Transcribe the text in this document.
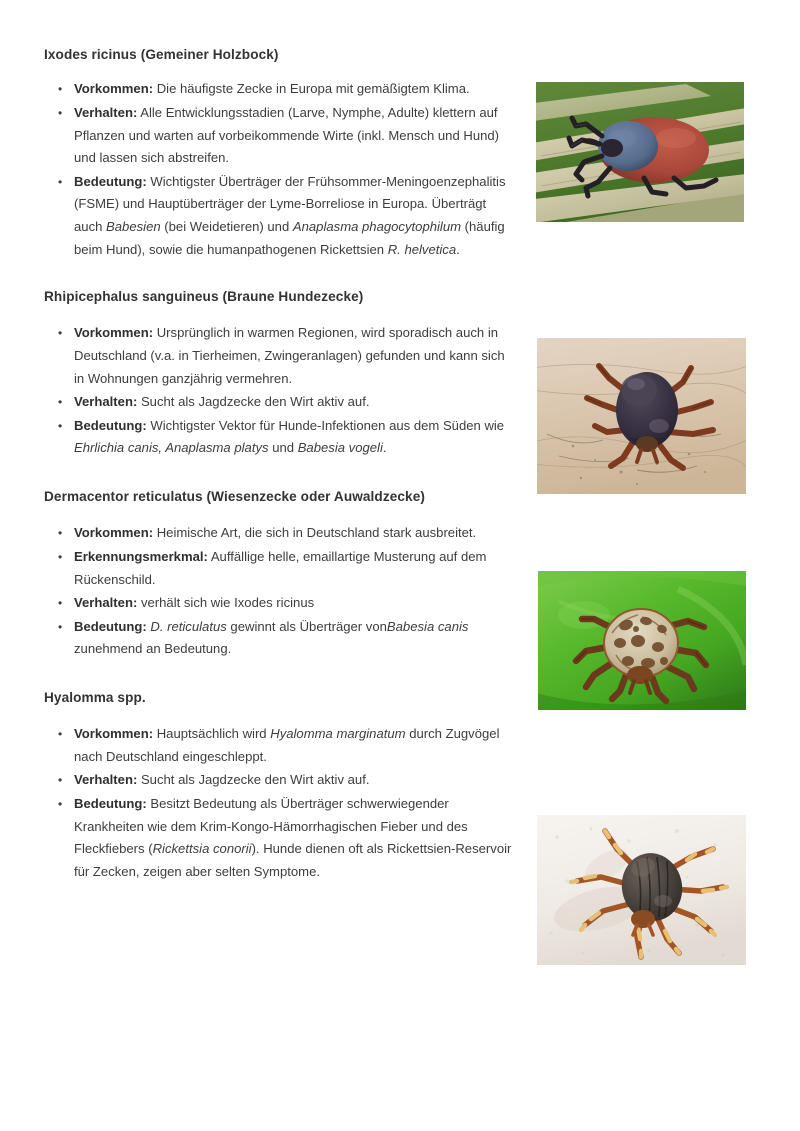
Ixodes ricinus (Gemeiner Holzbock)
• Vorkommen: Die häufigste Zecke in Europa mit gemäßigtem Klima.
• Verhalten: Alle Entwicklungsstadien (Larve, Nymphe, Adulte) klettern auf Pflanzen und warten auf vorbeikommende Wirte (inkl. Mensch und Hund) und lassen sich abstreifen.
• Bedeutung: Wichtigster Überträger der Frühsommer-Meningoenzephalitis (FSME) und Hauptüberträger der Lyme-Borreliose in Europa. Überträgt auch Babesien (bei Weidetieren) und Anaplasma phagocytophilum (häufig beim Hund), sowie die humanpathogenen Rickettsien R. helvetica.
Rhipicephalus sanguineus (Braune Hundezecke)
• Vorkommen: Ursprünglich in warmen Regionen, wird sporadisch auch in Deutschland (v.a. in Tierheimen, Zwingeranlagen) gefunden und kann sich in Wohnungen ganzjährig vermehren.
• Verhalten: Sucht als Jagdzecke den Wirt aktiv auf.
• Bedeutung: Wichtigster Vektor für Hunde-Infektionen aus dem Süden wie Ehrlichia canis, Anaplasma platys und Babesia vogeli.
Dermacentor reticulatus (Wiesenzecke oder Auwaldzecke)
• Vorkommen: Heimische Art, die sich in Deutschland stark ausbreitet.
• Erkennungsmerkmal: Auffällige helle, emaillartige Musterung auf dem Rückenschild.
• Verhalten: verhält sich wie Ixodes ricinus
• Bedeutung: D. reticulatus gewinnt als Überträger vonBabesia canis zunehmend an Bedeutung.
Hyalomma spp.
• Vorkommen: Hauptsächlich wird Hyalomma marginatum durch Zugvögel nach Deutschland eingeschleppt.
• Verhalten: Sucht als Jagdzecke den Wirt aktiv auf.
• Bedeutung: Besitzt Bedeutung als Überträger schwerwiegender Krankheiten wie dem Krim-Kongo-Hämorrhagischen Fieber und des Fleckfiebers (Rickettsia conorii). Hunde dienen oft als Rickettsien-Reservoir für Zecken, zeigen aber selten Symptome.
